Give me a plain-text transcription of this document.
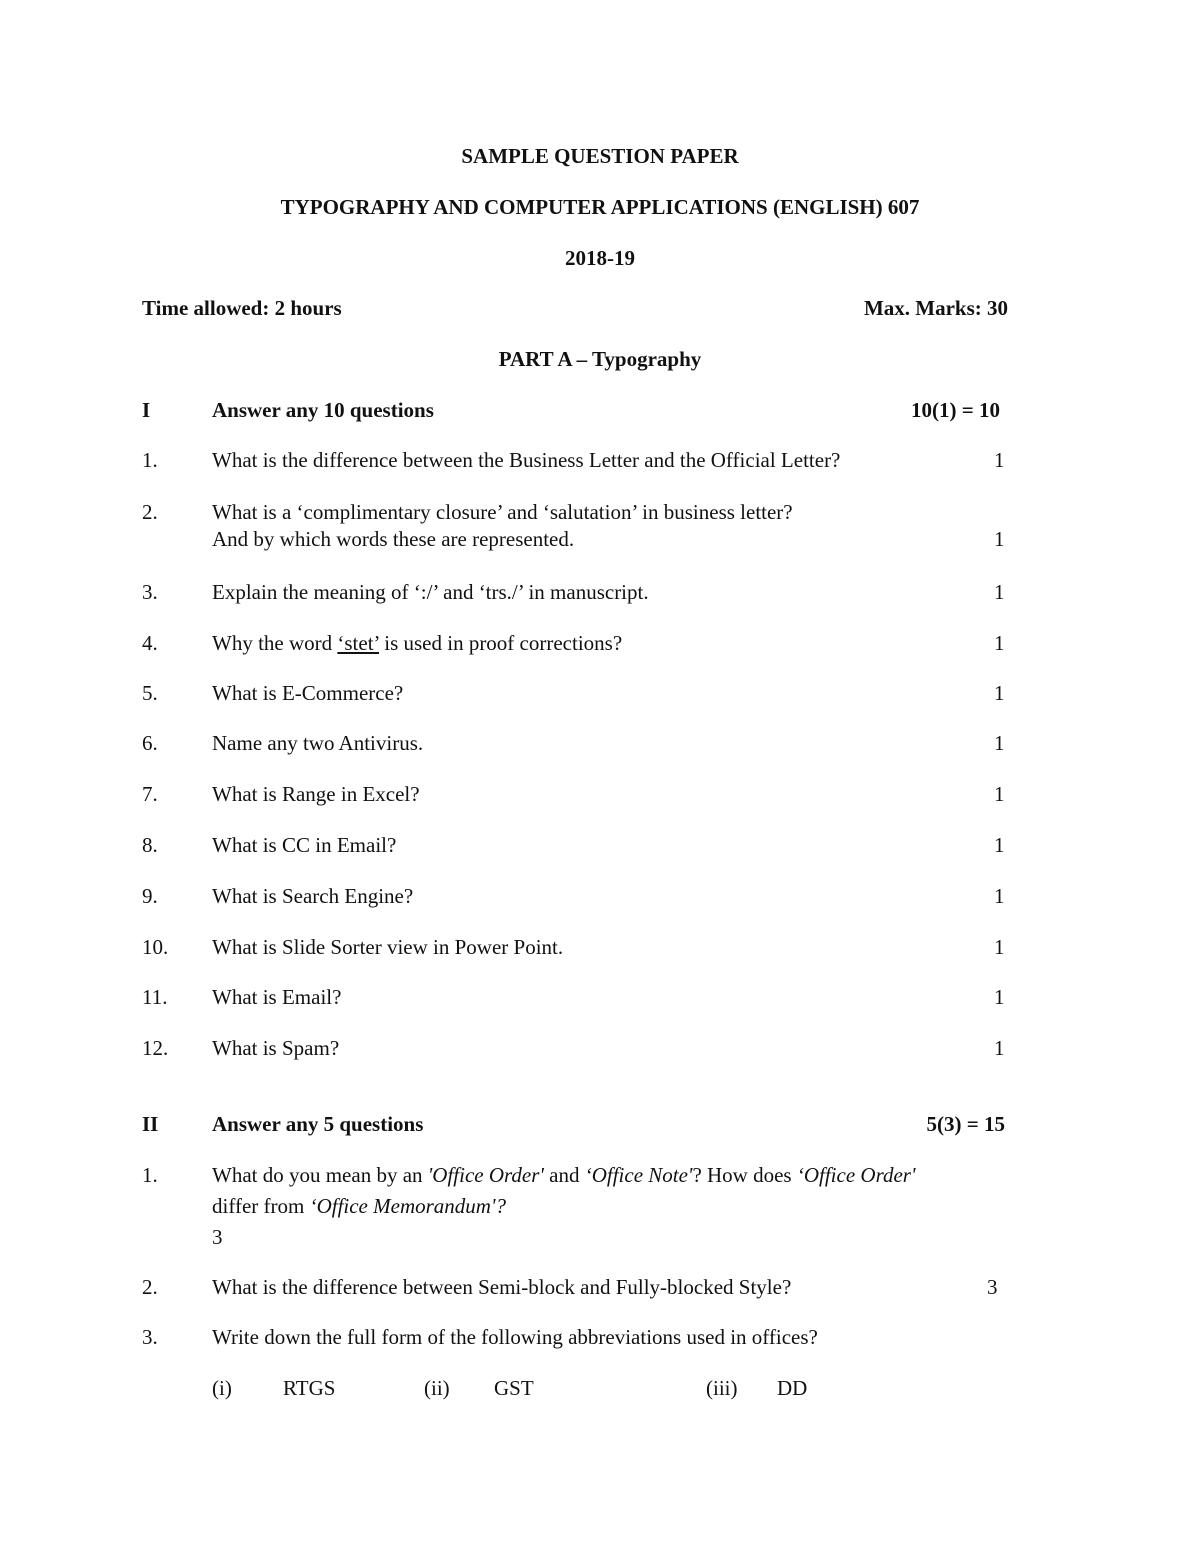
SAMPLE QUESTION PAPER
TYPOGRAPHY AND COMPUTER APPLICATIONS (ENGLISH) 607
2018-19
Time allowed: 2 hours	Max. Marks: 30
PART A – Typography
I	Answer any 10 questions	10(1) = 10
1.	What is the difference between the Business Letter and the Official Letter?	1
2.	What is a ‘complimentary closure’ and ‘salutation’ in business letter?
And by which words these are represented.	1
3.	Explain the meaning of ‘:/’ and ‘trs./’ in manuscript.	1
4.	Why the word ‘stet’ is used in proof corrections?	1
5.	What is E-Commerce?	1
6.	Name any two Antivirus.	1
7.	What is Range in Excel?	1
8.	What is CC in Email?	1
9.	What is Search Engine?	1
10. What is Slide Sorter view in Power Point.	1
11. What is Email?	1
12. What is Spam?	1
II	Answer any 5 questions	5(3) = 15
1.	What do you mean by an 'Office Order' and ‘Office Note'? How does ‘Office Order'
differ from ‘Office Memorandum'?
3
2.	What is the difference between Semi-block and Fully-blocked Style?	3
3.	Write down the full form of the following abbreviations used in offices?
(i) RTGS	(ii) GST	(iii) DD
